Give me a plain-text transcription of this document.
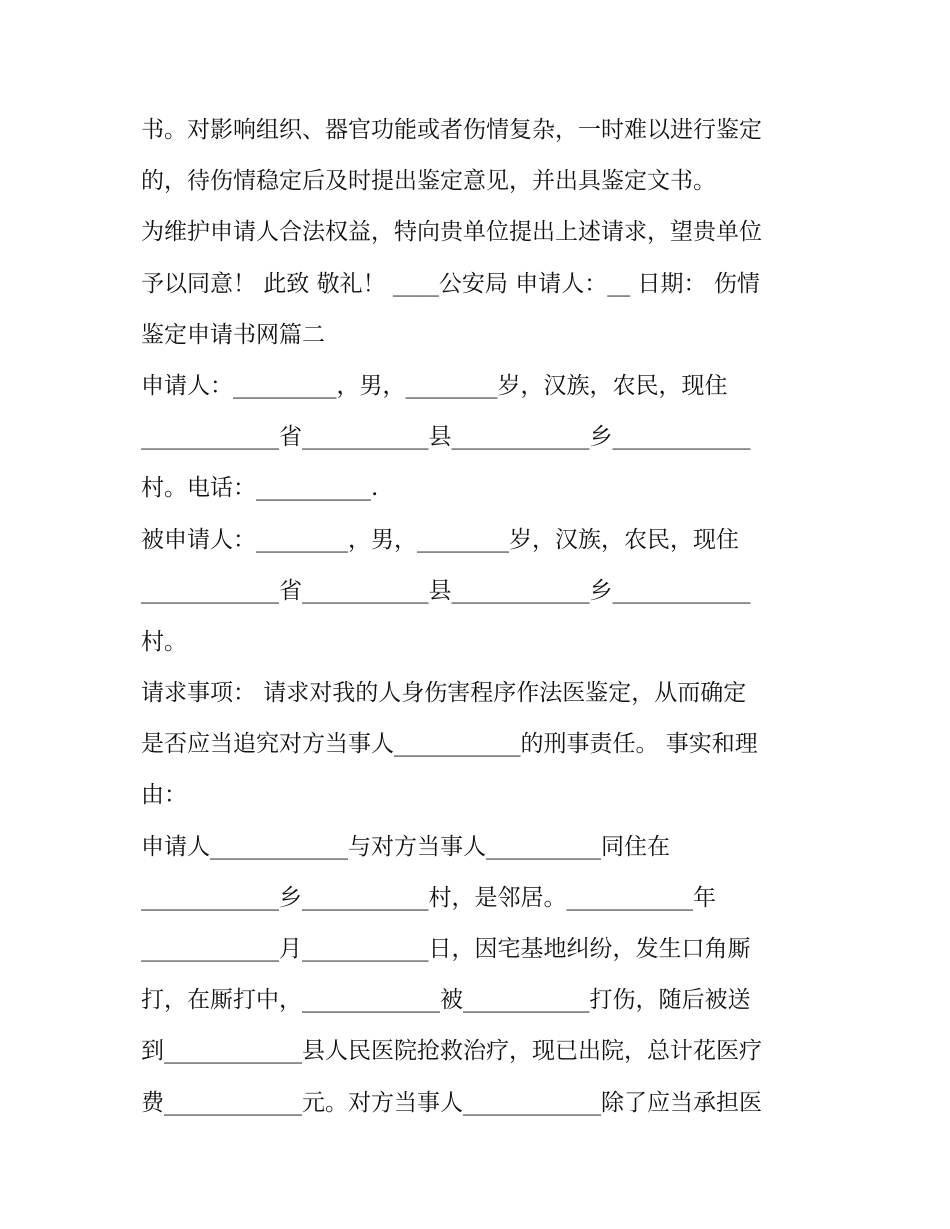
书。对影响组织、器官功能或者伤情复杂，一时难以进行鉴定
的，待伤情稳定后及时提出鉴定意见，并出具鉴定文书。
为维护申请人合法权益，特向贵单位提出上述请求，望贵单位
予以同意！ 此致 敬礼！ ____公安局 申请人：__ 日期： 伤情
鉴定申请书网篇二
申请人：_________，男，________岁，汉族，农民，现住
____________省___________县____________乡____________
村。电话：__________.
被申请人：________，男，________岁，汉族，农民，现住
____________省___________县____________乡____________
村。
请求事项： 请求对我的人身伤害程序作法医鉴定，从而确定
是否应当追究对方当事人___________的刑事责任。 事实和理
由：
申请人____________与对方当事人__________同住在
____________乡___________村，是邻居。___________年
____________月___________日，因宅基地纠纷，发生口角厮
打，在厮打中，____________被___________打伤，随后被送
到____________县人民医院抢救治疗，现已出院，总计花医疗
费____________元。对方当事人____________除了应当承担医
